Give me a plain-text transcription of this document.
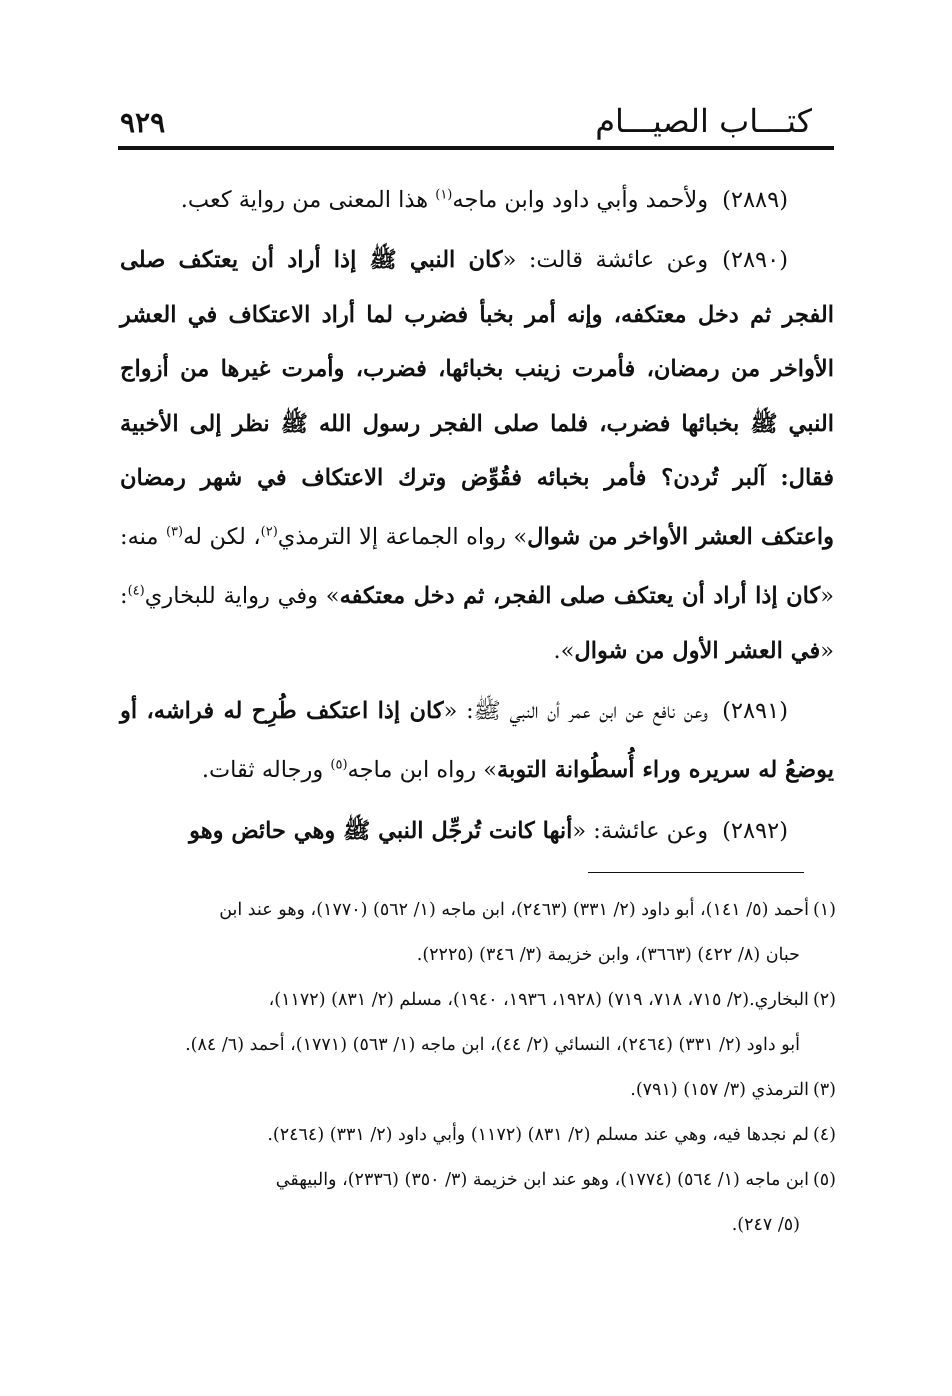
كتـــاب الصيـــام
٩٢٩

(٢٨٨٩)ولأحمد وأبي داود وابن ماجه$^{(١)}$ هذا المعنى من رواية كعب.

(٢٨٩٠)وعن عائشة قالت: «كان النبي ﷺ إذا أراد أن يعتكف صلى الفجر ثم دخل معتكفه، وإنه أمر بخبأ فضرب لما أراد الاعتكاف في العشر الأواخر من رمضان، فأمرت زينب بخبائها، فضرب، وأمرت غيرها من أزواج النبي ﷺ بخبائها فضرب، فلما صلى الفجر رسول الله ﷺ نظر إلى الأخبية فقال: آلبر تُردن؟ فأمر بخبائه فقُوِّض وترك الاعتكاف في شهر رمضان واعتكف العشر الأواخر من شوال» رواه الجماعة إلا الترمذي$^{(٢)}$، لكن له$^{(٣)}$ منه: «كان إذا أراد أن يعتكف صلى الفجر، ثم دخل معتكفه» وفي رواية للبخاري$^{(٤)}$: «في العشر الأول من شوال».

(٢٨٩١)وعن نافع عن ابن عمر أن النبي ﷺ: «كان إذا اعتكف طُرِح له فراشه، أو يوضعُ له سريره وراء أُسطُوانة التوبة» رواه ابن ماجه$^{(٥)}$ ورجاله ثقات.

(٢٨٩٢)وعن عائشة: «أنها كانت تُرجِّل النبي ﷺ وهي حائض وهو

(١)أحمد (٥/ ١٤١)، أبو داود (٢/ ٣٣١) (٢٤٦٣)، ابن ماجه (١/ ٥٦٢) (١٧٧٠)، وهو عند ابن
حبان (٨/ ٤٢٢) (٣٦٦٣)، وابن خزيمة (٣/ ٣٤٦) (٢٢٢٥).

(٢)البخاري.(٢/ ٧١٥، ٧١٨، ٧١٩) (١٩٢٨، ١٩٣٦، ١٩٤٠)، مسلم (٢/ ٨٣١) (١١٧٢)،
أبو داود (٢/ ٣٣١) (٢٤٦٤)، النسائي (٢/ ٤٤)، ابن ماجه (١/ ٥٦٣) (١٧٧١)، أحمد (٦/ ٨٤).

(٣)الترمذي (٣/ ١٥٧) (٧٩١).

(٤)لم نجدها فيه، وهي عند مسلم (٢/ ٨٣١) (١١٧٢) وأبي داود (٢/ ٣٣١) (٢٤٦٤).

(٥)ابن ماجه (١/ ٥٦٤) (١٧٧٤)، وهو عند ابن خزيمة (٣/ ٣٥٠) (٢٣٣٦)، والبيهقي
(٥/ ٢٤٧).
